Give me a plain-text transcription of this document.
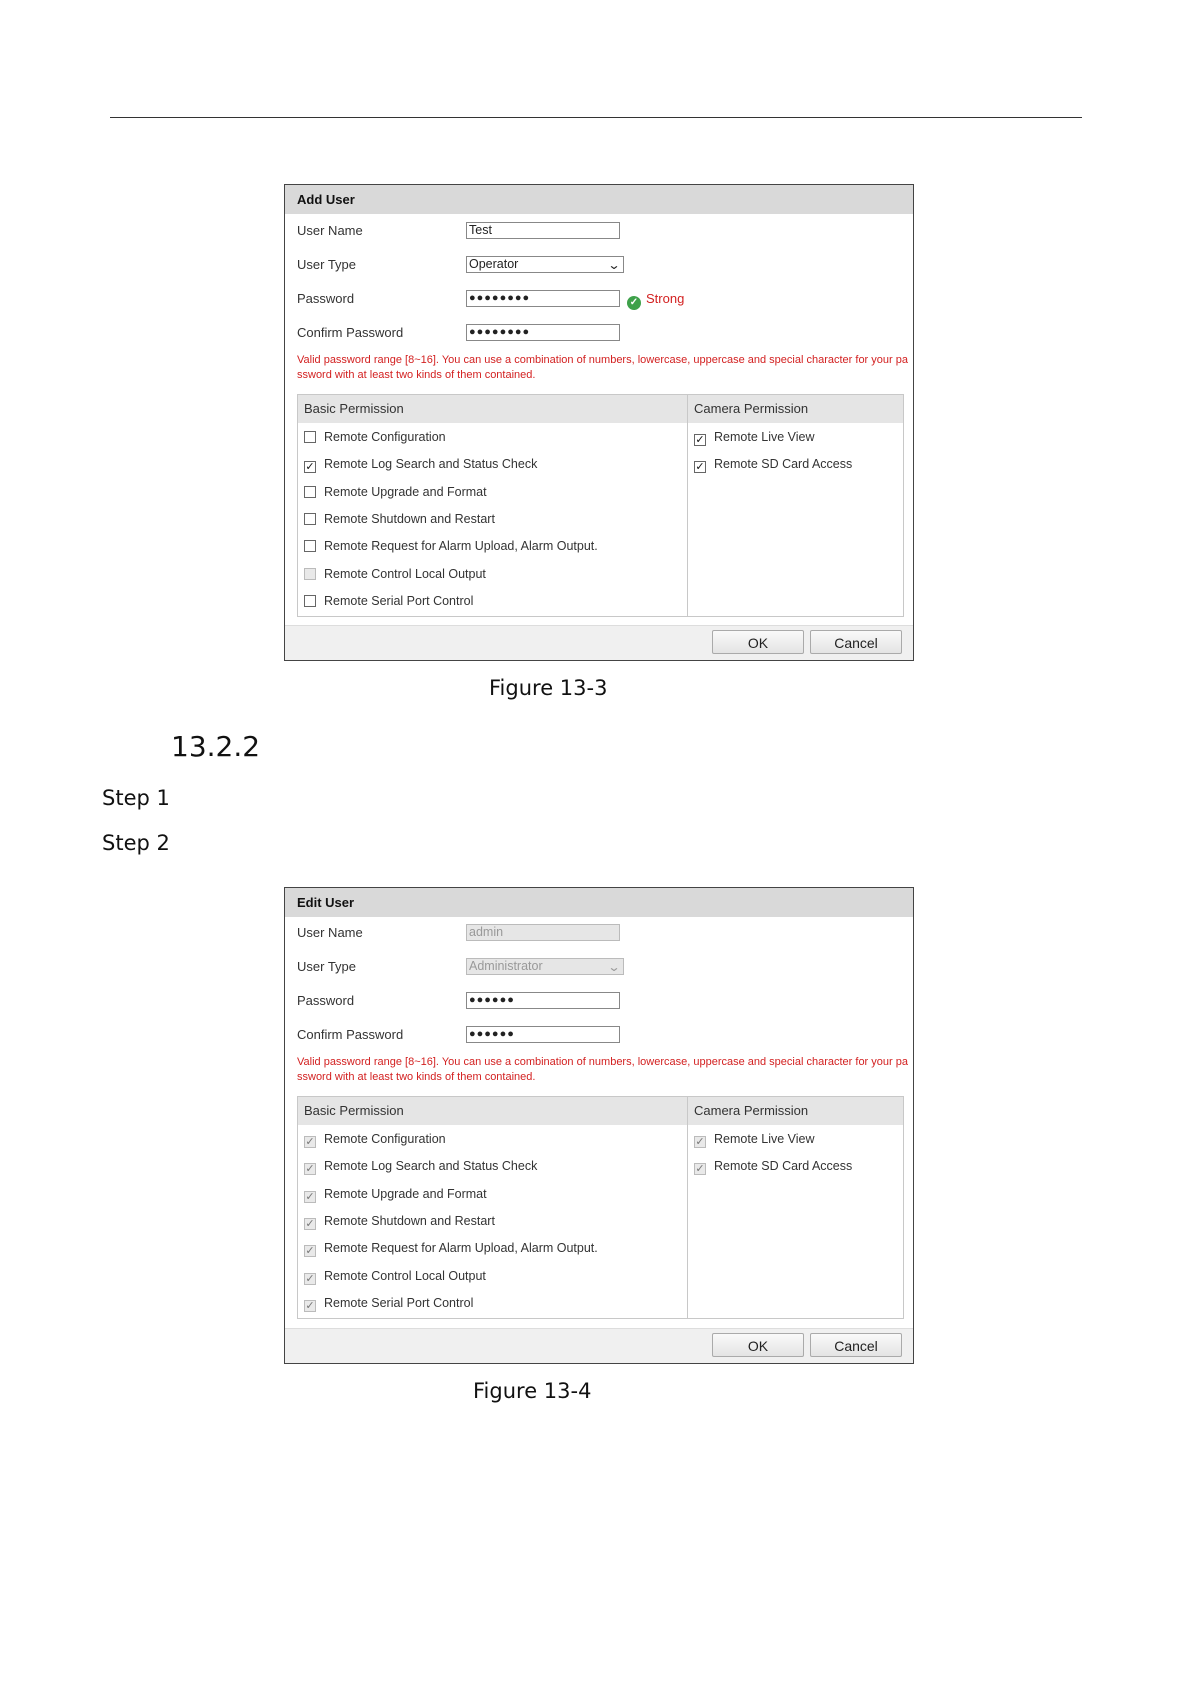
Add User
User Name	Test
User Type	Operator	⌄
Password	●●●●●●●●	✓ Strong
Confirm Password	●●●●●●●●
Valid password range [8~16]. You can use a combination of numbers, lowercase, uppercase and special character for your pa
ssword with at least two kinds of them contained.
Basic Permission
Remote Configuration
✓ Remote Log Search and Status Check
Remote Upgrade and Format
Remote Shutdown and Restart
Remote Request for Alarm Upload, Alarm Output.
Remote Control Local Output
Remote Serial Port Control
Camera Permission
✓ Remote Live View
✓ Remote SD Card Access
OK	Cancel
Figure 13-3
13.2.2
Step 1
Step 2
Edit User
User Name	admin
User Type	Administrator	⌄
Password	●●●●●●
Confirm Password	●●●●●●
Valid password range [8~16]. You can use a combination of numbers, lowercase, uppercase and special character for your pa
ssword with at least two kinds of them contained.
Basic Permission
✓ Remote Configuration
✓ Remote Log Search and Status Check
✓ Remote Upgrade and Format
✓ Remote Shutdown and Restart
✓ Remote Request for Alarm Upload, Alarm Output.
✓ Remote Control Local Output
✓ Remote Serial Port Control
Camera Permission
✓ Remote Live View
✓ Remote SD Card Access
OK	Cancel
Figure 13-4
